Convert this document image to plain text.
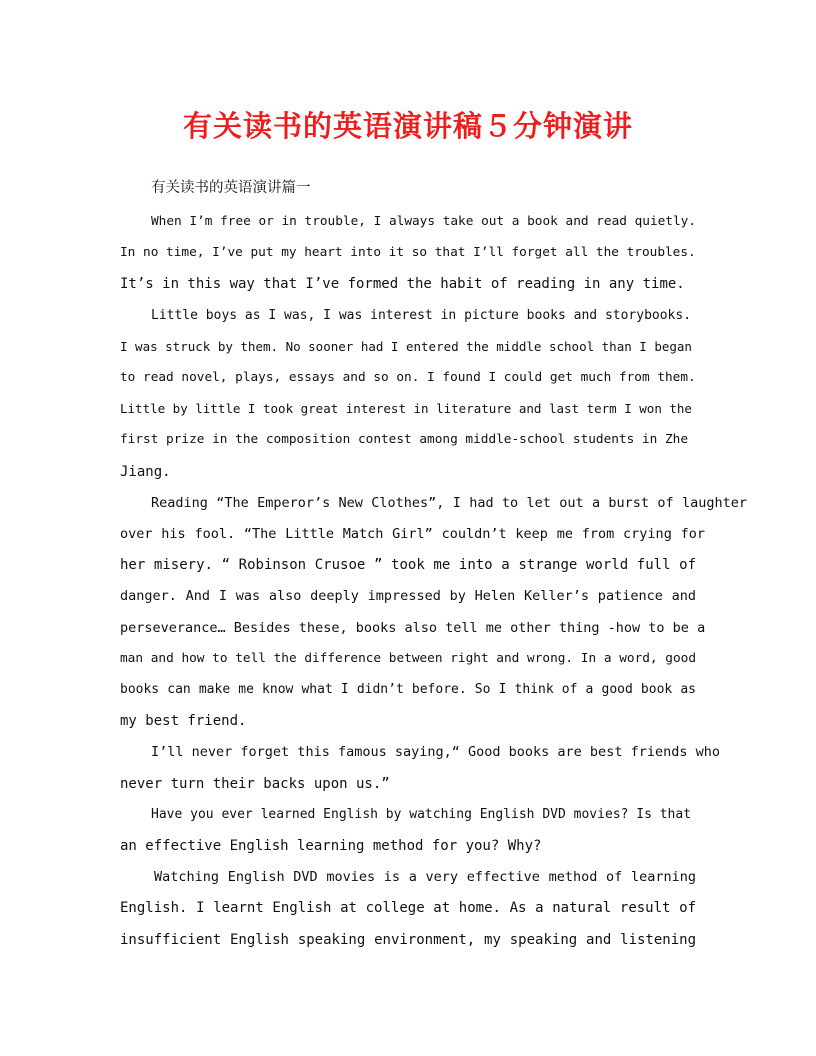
有关读书的英语演讲稿５分钟演讲
有关读书的英语演讲篇一
When I’m free or in trouble, I always take out a book and read quietly.
In no time, I’ve put my heart into it so that I’ll forget all the troubles.
It’s in this way that I’ve formed the habit of reading in any time.
Little boys as I was, I was interest in picture books and storybooks.
I was struck by them. No sooner had I entered the middle school than I began
to read novel, plays, essays and so on. I found I could get much from them.
Little by little I took great interest in literature and last term I won the
first prize in the composition contest among middle-school students in Zhe
Jiang.
Reading “The Emperor’s New Clothes”, I had to let out a burst of laughter
over his fool. “The Little Match Girl” couldn’t keep me from crying for
her misery. “ Robinson Crusoe ” took me into a strange world full of
danger. And I was also deeply impressed by Helen Keller’s patience and
perseverance… Besides these, books also tell me other thing -how to be a
man and how to tell the difference between right and wrong. In a word, good
books can make me know what I didn’t before. So I think of a good book as
my best friend.
I’ll never forget this famous saying,“ Good books are best friends who
never turn their backs upon us.”
Have you ever learned English by watching English DVD movies? Is that
an effective English learning method for you? Why?
Watching English DVD movies is a very effective method of learning
English. I learnt English at college at home. As a natural result of
insufficient English speaking environment, my speaking and listening
